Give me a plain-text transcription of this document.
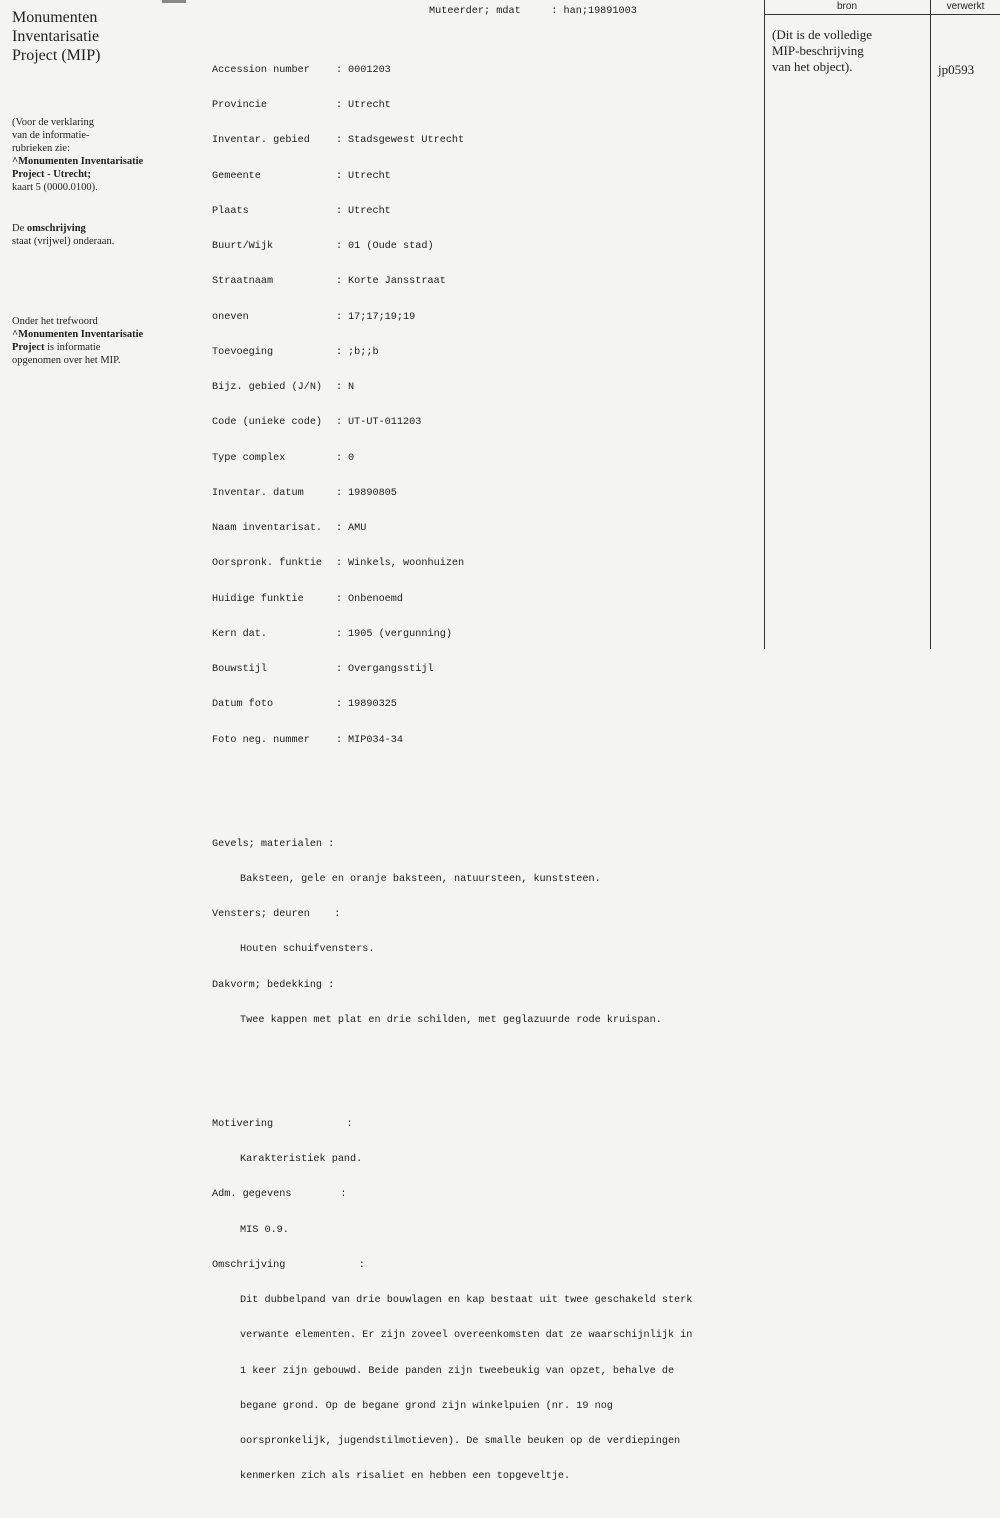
Monumenten
Inventarisatie
Project (MIP)
(Voor de verklaring
van de informatie-
rubrieken zie:
^Monumenten Inventarisatie
Project - Utrecht;
kaart 5 (0000.0100).
De omschrijving
staat (vrijwel) onderaan.
Onder het trefwoord
^Monumenten Inventarisatie
Project is informatie
opgenomen over het MIP.

Muteerder; mdat     : han;19891003

Accession number	: 0001203

Provincie	: Utrecht

Inventar. gebied	: Stadsgewest Utrecht

Gemeente	: Utrecht

Plaats	: Utrecht

Buurt/Wijk	: 01 (Oude stad)

Straatnaam	: Korte Jansstraat

oneven	: 17;17;19;19

Toevoeging	: ;b;;b

Bijz. gebied (J/N) : N

Code (unieke code) : UT-UT-011203

Type complex	: 0

Inventar. datum	: 19890805

Naam inventarisat. : AMU

Oorspronk. funktie : Winkels, woonhuizen

Huidige funktie	: Onbenoemd

Kern dat.	: 1905 (vergunning)

Bouwstijl	: Overgangsstijl

Datum foto	: 19890325

Foto neg. nummer	: MIP034-34

Gevels; materialen :

Baksteen, gele en oranje baksteen, natuursteen, kunststeen.

Vensters; deuren    :

Houten schuifvensters.

Dakvorm; bedekking :

Twee kappen met plat en drie schilden, met geglazuurde rode kruispan.

Motivering            :

Karakteristiek pand.

Adm. gegevens        :

MIS 0.9.

Omschrijving            :

Dit dubbelpand van drie bouwlagen en kap bestaat uit twee geschakeld sterk

verwante elementen. Er zijn zoveel overeenkomsten dat ze waarschijnlijk in

1 keer zijn gebouwd. Beide panden zijn tweebeukig van opzet, behalve de

begane grond. Op de begane grond zijn winkelpuien (nr. 19 nog

oorspronkelijk, jugendstilmotieven). De smalle beuken op de verdiepingen

kenmerken zich als risaliet en hebben een topgeveltje.

bron	verwerkt
(Dit is de volledige
MIP-beschrijving
van het object).	jp0593
